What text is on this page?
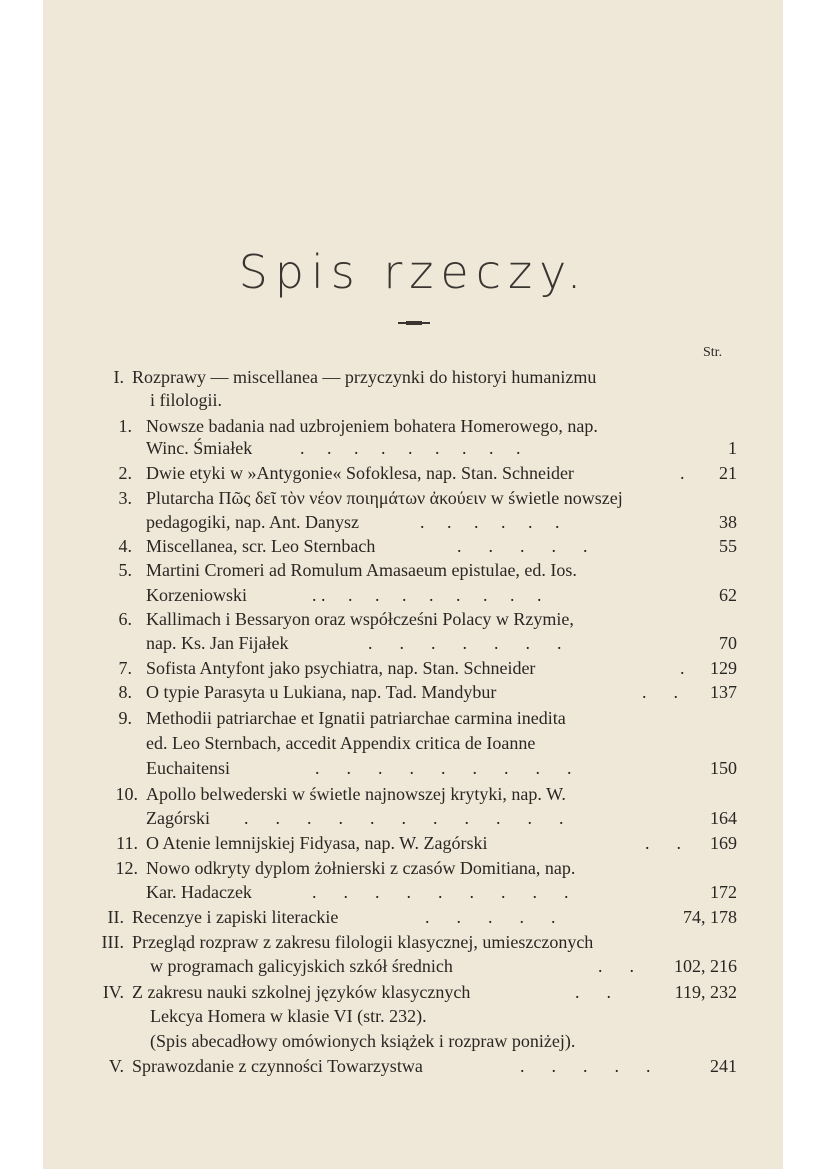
Spis rzeczy.
Str.
I. Rozprawy — miscellanea — przyczynki do historyi humanizmu
i filologii.
1. Nowsze badania nad uzbrojeniem bohatera Homerowego, nap.
Winc. Śmiałek	.     .     .     .     .     .     .     .     .	1
2. Dwie etyki w »Antygonie« Sofoklesa, nap. Stan. Schneider	. 21
3. Plutarcha Πῶς δεῖ τὸν νέον ποιημάτων ἀκούειν w świetle nowszej
pedagogiki, nap. Ant. Danysz	.     .     .     .     .     .	38
4. Miscellanea, scr. Leo Sternbach	.      .      .      .      .	55
5. Martini Cromeri ad Romulum Amasaeum epistulae, ed. Ios.
Korzeniowski	. .     .     .     .     .     .     .     .     .	62
6. Kallimach i Bessaryon oraz współcześni Polacy w Rzymie,
nap. Ks. Jan Fijałek	.      .      .      .      .      .      .	70
7. Sofista Antyfont jako psychiatra, nap. Stan. Schneider	. 129
8. O typie Parasyta u Lukiana, nap. Tad. Mandybur	.      . 137
9. Methodii patriarchae et Ignatii patriarchae carmina inedita
ed. Leo Sternbach, accedit Appendix critica de Ioanne
Euchaitensi	.      .      .      .      .      .      .      .      .	150
10. Apollo belwederski w świetle najnowszej krytyki, nap. W.
Zagórski .      .      .      .      .      .      .      .      .      .      .	164
11. O Atenie lemnijskiej Fidyasa, nap. W. Zagórski	.      . 169
12. Nowo odkryty dyplom żołnierski z czasów Domitiana, nap.
Kar. Hadaczek	.      .      .      .      .      .      .      .      .	172
II. Recenzye i zapiski literackie	.      .      .      .      .	74, 178
III. Przegląd rozpraw z zakresu filologii klasycznej, umieszczonych
w programach galicyjskich szkół średnich	.      . 102, 216
IV. Z zakresu nauki szkolnej języków klasycznych	.      .	119, 232
Lekcya Homera w klasie VI (str. 232).
(Spis abecadłowy omówionych książek i rozpraw poniżej).
V. Sprawozdanie z czynności Towarzystwa	.      .      .      .      .	241
